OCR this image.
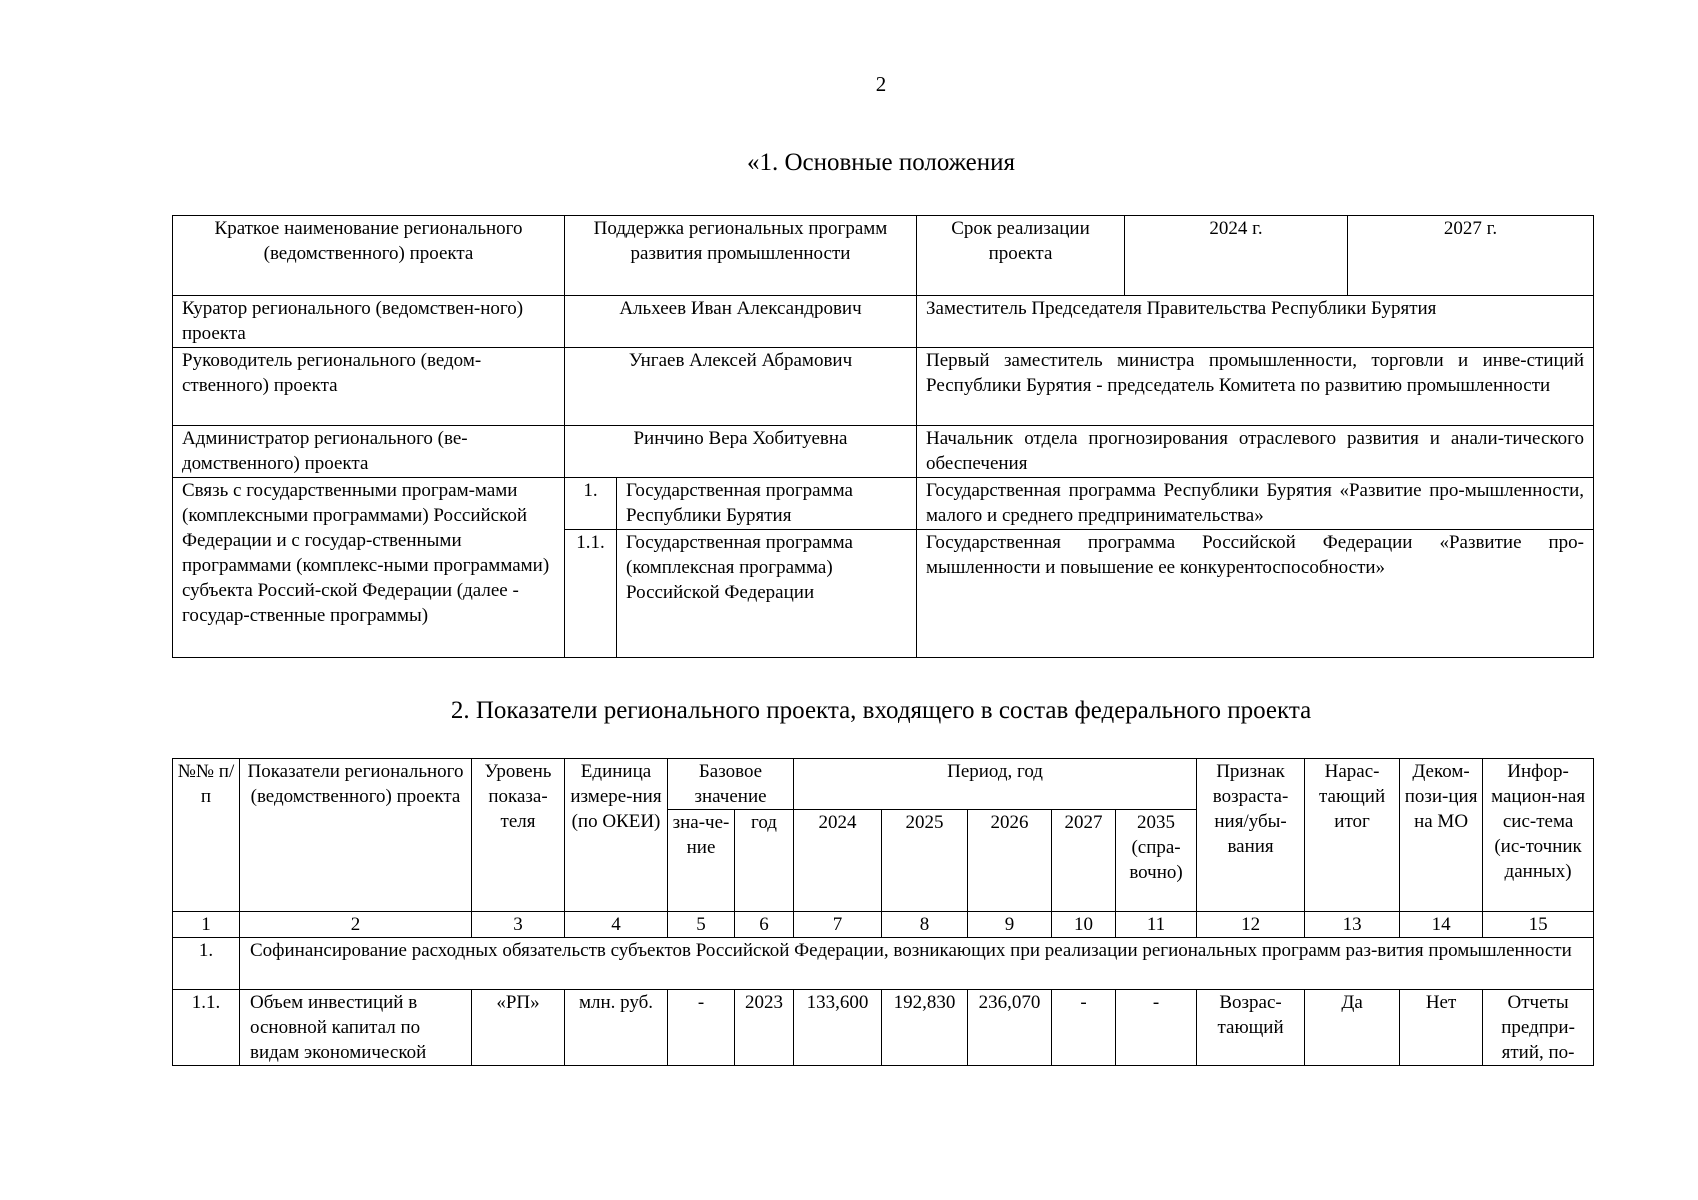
2
«1. Основные положения
Краткое наименование регионального (ведомственного) проекта	Поддержка региональных программ развития промышленности		Срок реализации проекта	2024 г.	2027 г.
Куратор регионального (ведомствен-ного) проекта	Альхеев Иван Александрович		Заместитель Председателя Правительства Республики Бурятия		
Руководитель регионального (ведом-ственного) проекта	Унгаев Алексей Абрамович		Первый заместитель министра промышленности, торговли и инве-стиций Республики Бурятия - председатель Комитета по развитию промышленности		
Администратор регионального (ве-домственного) проекта	Ринчино Вера Хобитуевна		Начальник отдела прогнозирования отраслевого развития и анали-тического обеспечения		
Связь с государственными програм-мами (комплексными программами) Российской Федерации и с государ-ственными программами (комплекс-ными программами) субъекта Россий-ской Федерации (далее - государ-ственные программы)	1.	Государственная программа Республики Бурятия	Государственная программа Республики Бурятия «Развитие про-мышленности, малого и среднего предпринимательства»		
	1.1.	Государственная программа (комплексная программа) Российской Федерации	Государственная программа Российской Федерации «Развитие про-мышленности и повышение ее конкурентоспособности»		
2. Показатели регионального проекта, входящего в состав федерального проекта
№№ п/п	Показатели регионального (ведомственного) проекта	Уровень показа-теля	Единица измере-ния (по ОКЕИ)	Базовое значение		Период, год					Признак возраста-ния/убы-вания	Нарас-тающий итог	Деком-пози-ция на МО	Инфор-мацион-ная сис-тема (ис-точник данных)
				зна-че-ние	год	2024	2025	2026	2027	2035 (спра-вочно)				
1	2	3	4	5	6	7	8	9	10	11	12	13	14	15
1.	Софинансирование расходных обязательств субъектов Российской Федерации, возникающих при реализации региональных программ раз-вития промышленности													
1.1.	Объем инвестиций в основной капитал по видам экономической	«РП»	млн. руб.	-	2023	133,600	192,830	236,070	-	-	Возрас-тающий	Да	Нет	Отчеты предпри-ятий, по-
